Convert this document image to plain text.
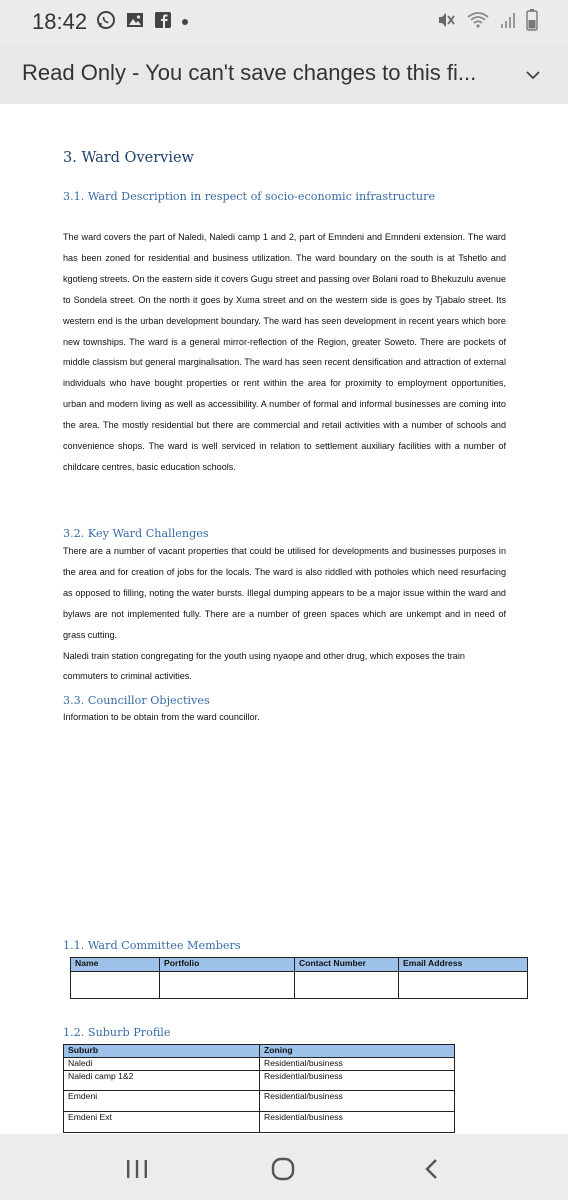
18:42
Read Only - You can't save changes to this fi...
3. Ward Overview
3.1. Ward Description in respect of socio-economic infrastructure

The ward covers the part of Naledi, Naledi camp 1 and 2, part of Emndeni and Emndeni extension. The ward has been zoned for residential and business utilization. The ward boundary on the south is at Tshetlo and kgotleng streets. On the eastern side it covers Gugu street and passing over Bolani road to Bhekuzulu avenue to Sondela street. On the north it goes by Xuma street and on the western side is goes by Tjabalo street. Its western end is the urban development boundary. The ward has seen development in recent years which bore new townships. The ward is a general mirror-reflection of the Region, greater Soweto. There are pockets of middle classism but general marginalisation. The ward has seen recent densification and attraction of external individuals who have bought properties or rent within the area for proximity to employment opportunities, urban and modern living as well as accessibility. A number of formal and informal businesses are coming into the area. The mostly residential but there are commercial and retail activities with a number of schools and convenience shops. The ward is well serviced in relation to settlement auxiliary facilities with a number of childcare centres, basic education schools.

3.2. Key Ward Challenges

There are a number of vacant properties that could be utilised for developments and businesses purposes in the area and for creation of jobs for the locals. The ward is also riddled with potholes which need resurfacing as opposed to filling, noting the water bursts. Illegal dumping appears to be a major issue within the ward and bylaws are not implemented fully. There are a number of green spaces which are unkempt and in need of grass cutting.

Naledi train station congregating for the youth using nyaope and other drug, which exposes the train commuters to criminal activities.

3.3. Councillor Objectives
Information to be obtain from the ward councillor.
1.1. Ward Committee Members
Name	Portfolio	Contact Number	Email Address

1.2. Suburb Profile
Suburb	Zoning
Naledi	Residential/business
Naledi camp 1&2	Residential/business
Emdeni	Residential/business
Emdeni Ext	Residential/business
